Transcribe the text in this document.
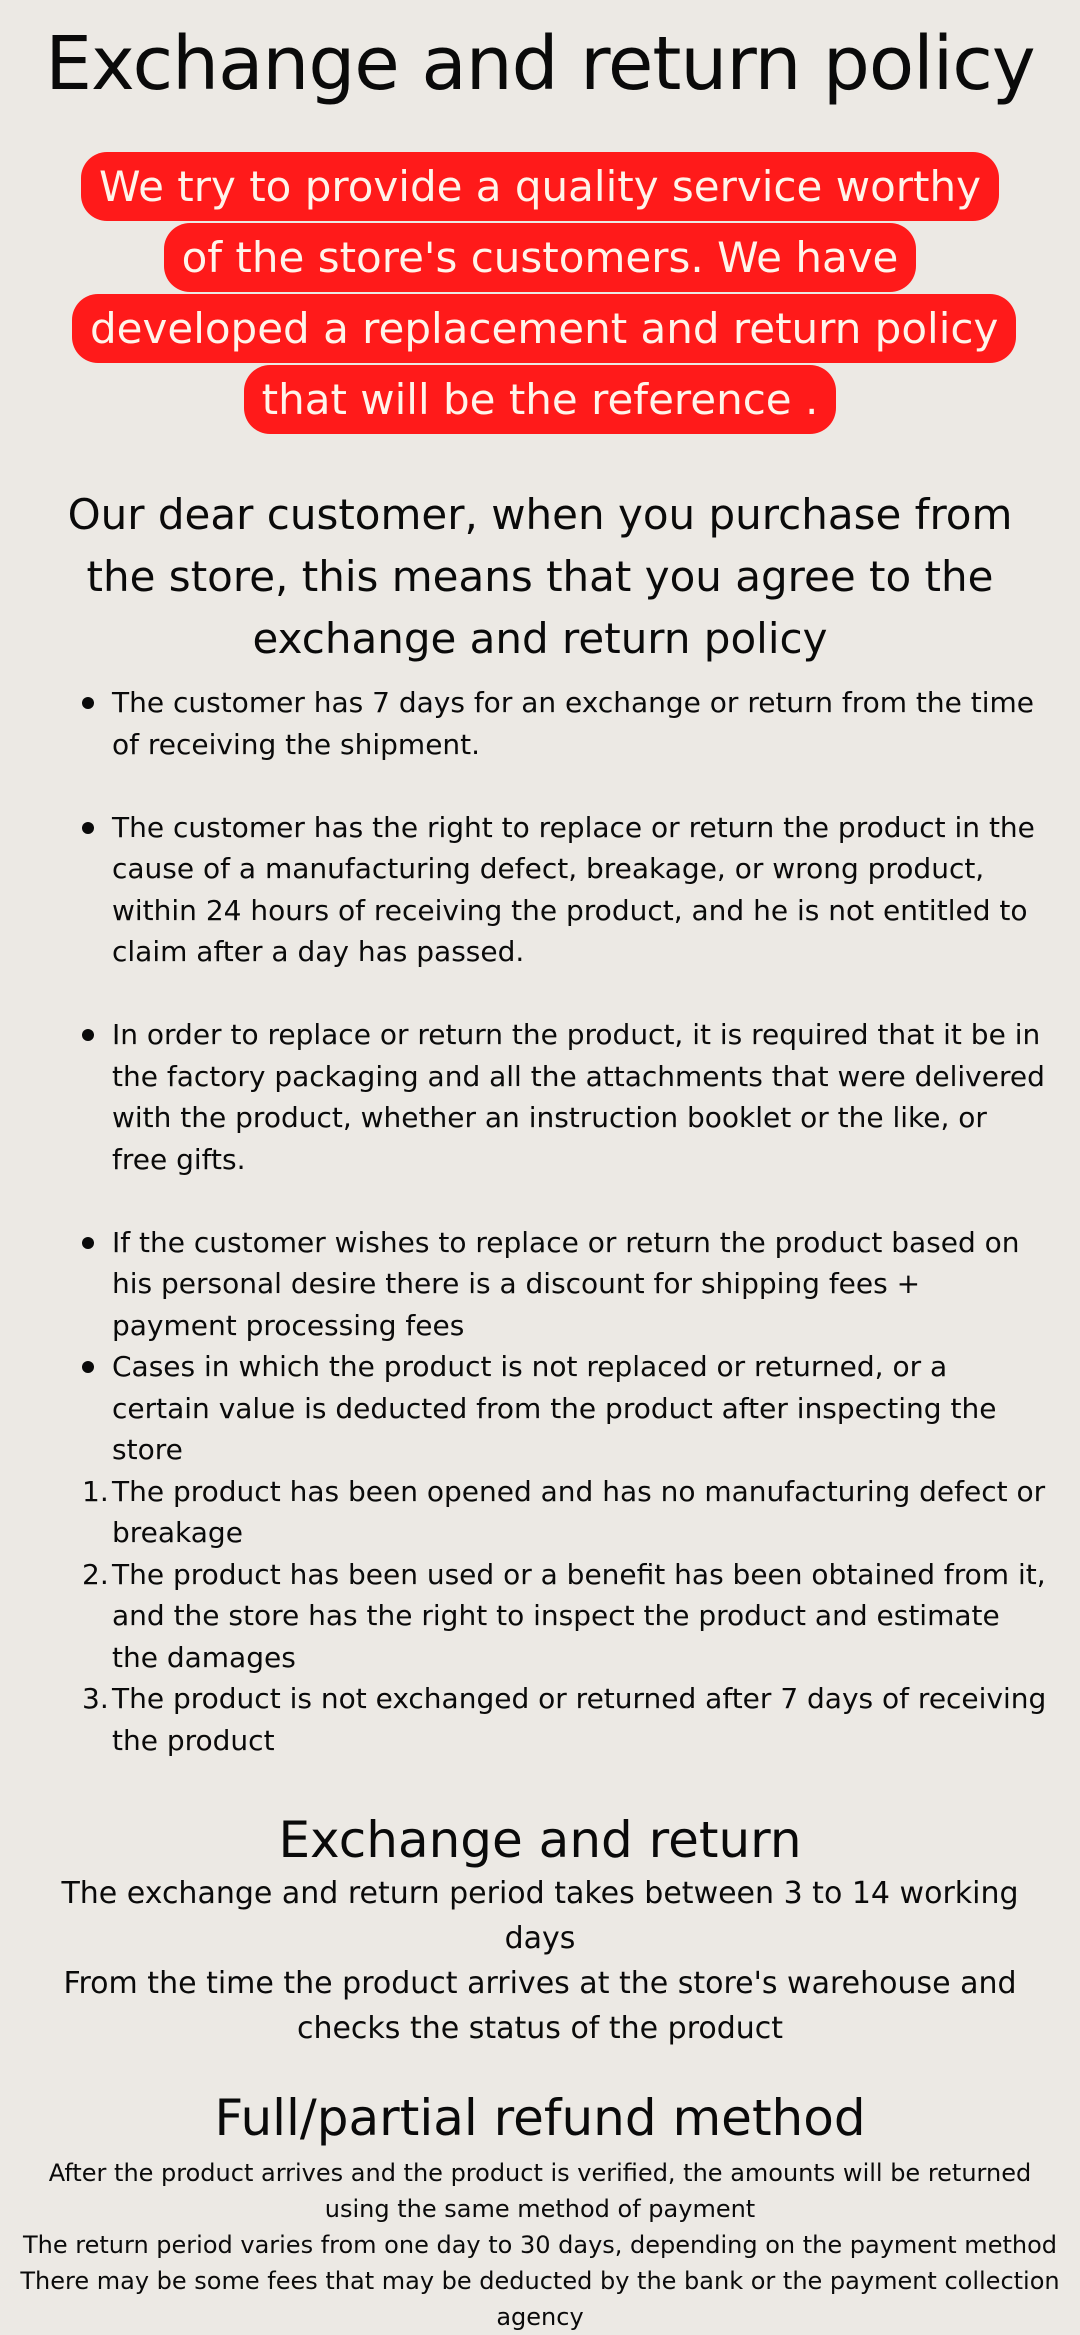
Exchange and return policy
We try to provide a quality service worthy of the store's customers. We have developed a replacement and return policy that will be the reference .

Our dear customer, when you purchase from the store, this means that you agree to the exchange and return policy

The customer has 7 days for an exchange or return from the time of receiving the shipment.
The customer has the right to replace or return the product in the cause of a manufacturing defect, breakage, or wrong product, within 24 hours of receiving the product, and he is not entitled to claim after a day has passed.
In order to replace or return the product, it is required that it be in the factory packaging and all the attachments that were delivered with the product, whether an instruction booklet or the like, or free gifts.
If the customer wishes to replace or return the product based on his personal desire there is a discount for shipping fees + payment processing fees
Cases in which the product is not replaced or returned, or a certain value is deducted from the product after inspecting the store
1. The product has been opened and has no manufacturing defect or breakage
2. The product has been used or a benefit has been obtained from it, and the store has the right to inspect the product and estimate the damages
3. The product is not exchanged or returned after 7 days of receiving the product
Exchange and return

The exchange and return period takes between 3 to 14 working days

From the time the product arrives at the store's warehouse and checks the status of the product

Full/partial refund method

After the product arrives and the product is verified, the amounts will be returned using the same method of payment

The return period varies from one day to 30 days, depending on the payment method

There may be some fees that may be deducted by the bank or the payment collection agency
